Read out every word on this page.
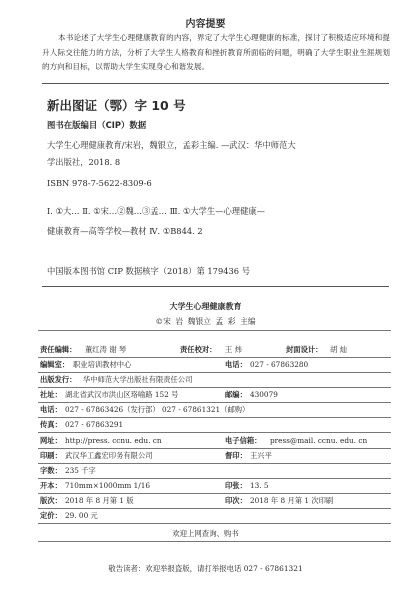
内容提要
本书论述了大学生心理健康教育的内容，界定了大学生心理健康的标准，探讨了积极适应环境和提升人际交往能力的方法，分析了大学生人格教育和挫折教育所面临的问题，明确了大学生职业生涯规划的方向和目标，以帮助大学生实现身心和谐发展。
新出图证（鄂）字 10 号
图书在版编目（CIP）数据
大学生心理健康教育/宋岩，魏银立，孟彩主编. —武汉：华中师范大
学出版社，2018. 8
ISBN 978-7-5622-8309-6
Ⅰ. ①大… Ⅱ. ①宋…②魏…③孟… Ⅲ. ①大学生—心理健康—
健康教育—高等学校—教材 Ⅳ. ①B844. 2
中国版本图书馆 CIP 数据核字（2018）第 179436 号
大学生心理健康教育
©宋 岩 魏银立 孟 彩 主编
责任编辑： 董红涛 谢 琴	责任校对： 王 炜	封面设计： 胡 灿
编辑室： 职业培训教材中心	电话： 027 - 67863280
出版发行： 华中师范大学出版社有限责任公司
社址： 湖北省武汉市洪山区珞喻路 152 号	邮编： 430079
电话： 027 - 67863426（发行部） 027 - 67861321（邮购）
传真： 027 - 67863291
网址： http://press. ccnu. edu. cn	电子信箱： press@mail. ccnu. edu. cn
印刷： 武汉华工鑫宏印务有限公司	督印： 王兴平
字数： 235 千字
开本： 710mm×1000mm 1/16	印张： 13. 5
版次： 2018 年 8 月第 1 版	印次： 2018 年 8 月第 1 次印刷
定价： 29. 00 元
欢迎上网查询、购书
敬告读者：欢迎举报盗版，请打举报电话 027 - 67861321
